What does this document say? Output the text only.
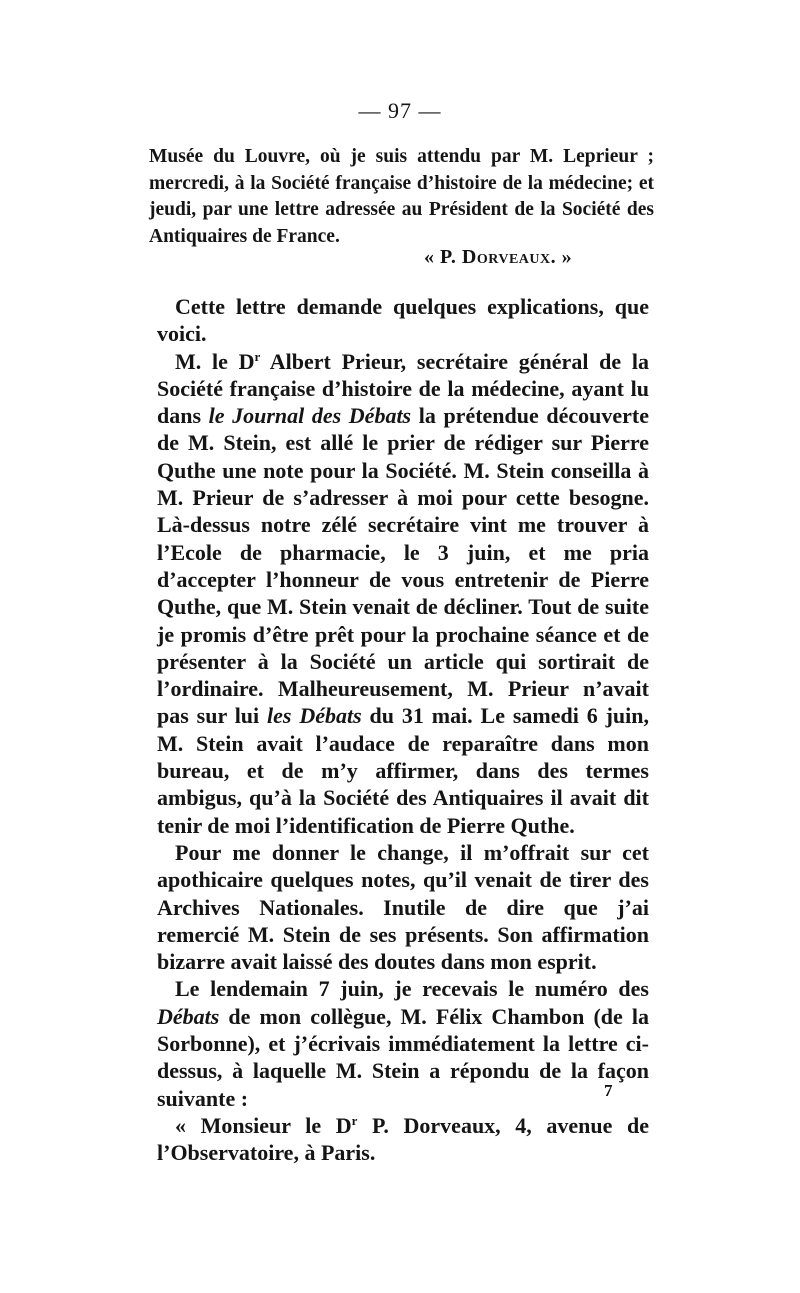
— 97 —
Musée du Louvre, où je suis attendu par M. Leprieur ; mercredi, à la Société française d’histoire de la médecine; et jeudi, par une lettre adressée au Président de la Société des Antiquaires de France.
« P. Dorveaux. »

Cette lettre demande quelques explications, que voici.

M. le $D^r$ Albert Prieur, secrétaire général de la Société française d’histoire de la médecine, ayant lu dans le Journal des Débats la prétendue découverte de M. Stein, est allé le prier de rédiger sur Pierre Quthe une note pour la Société. M. Stein conseilla à M. Prieur de s’adresser à moi pour cette besogne. Là-dessus notre zélé secrétaire vint me trouver à l’Ecole de pharmacie, le 3 juin, et me pria d’accepter l’honneur de vous entretenir de Pierre Quthe, que M. Stein venait de décliner. Tout de suite je promis d’être prêt pour la prochaine séance et de présenter à la Société un article qui sortirait de l’ordinaire. Malheureusement, M. Prieur n’avait pas sur lui les Débats du 31 mai. Le samedi 6 juin, M. Stein avait l’audace de reparaître dans mon bureau, et de m’y affirmer, dans des termes ambigus, qu’à la Société des Antiquaires il avait dit tenir de moi l’identification de Pierre Quthe.

Pour me donner le change, il m’offrait sur cet apothicaire quelques notes, qu’il venait de tirer des Archives Nationales. Inutile de dire que j’ai remercié M. Stein de ses présents. Son affirmation bizarre avait laissé des doutes dans mon esprit.

Le lendemain 7 juin, je recevais le numéro des Débats de mon collègue, M. Félix Chambon (de la Sorbonne), et j’écrivais immédiatement la lettre ci-dessus, à laquelle M. Stein a répondu de la façon suivante :

« Monsieur le $D^r$ P. Dorveaux, 4, avenue de l’Observatoire, à Paris.

7
